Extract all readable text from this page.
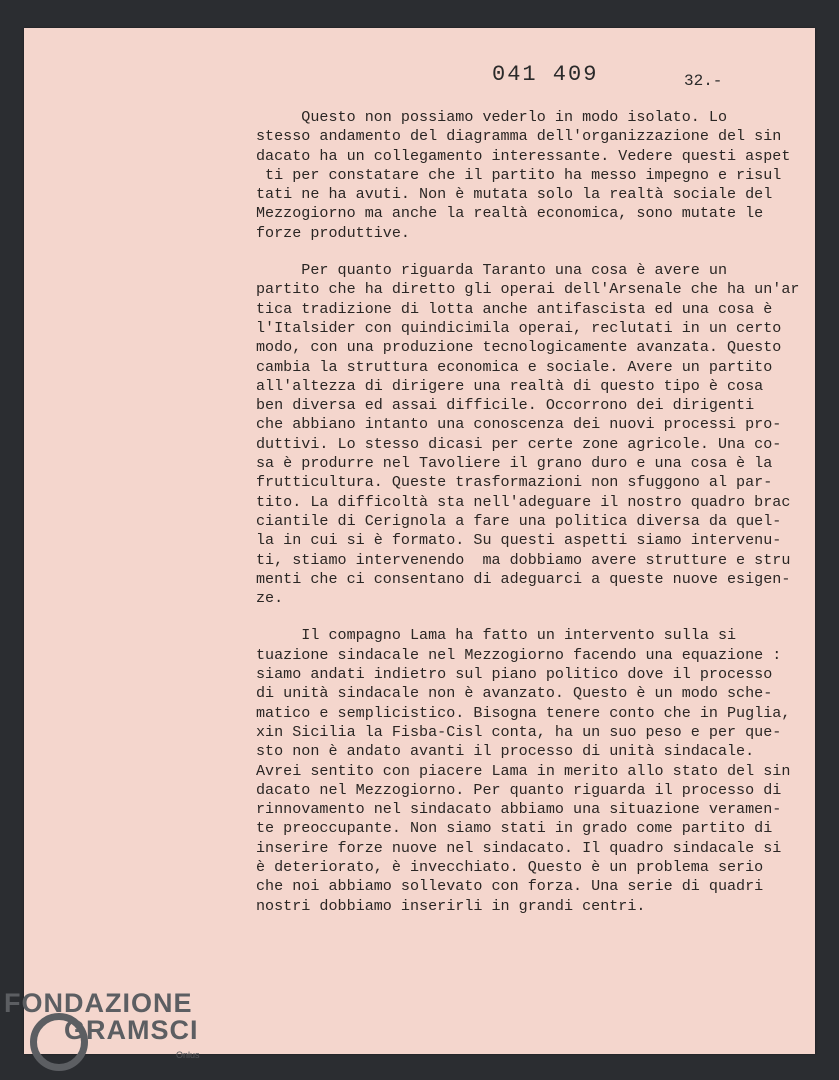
041 409	32.-
Questo non possiamo vederlo in modo isolato. Lo
stesso andamento del diagramma dell'organizzazione del sin
dacato ha un collegamento interessante. Vedere questi aspet
ti per constatare che il partito ha messo impegno e risul
tati ne ha avuti. Non è mutata solo la realtà sociale del
Mezzogiorno ma anche la realtà economica, sono mutate le
forze produttive.
Per quanto riguarda Taranto una cosa è avere un
partito che ha diretto gli operai dell'Arsenale che ha un'ar
tica tradizione di lotta anche antifascista ed una cosa è
l'Italsider con quindicimila operai, reclutati in un certo
modo, con una produzione tecnologicamente avanzata. Questo
cambia la struttura economica e sociale. Avere un partito
all'altezza di dirigere una realtà di questo tipo è cosa
ben diversa ed assai difficile. Occorrono dei dirigenti
che abbiano intanto una conoscenza dei nuovi processi pro-
duttivi. Lo stesso dicasi per certe zone agricole. Una co-
sa è produrre nel Tavoliere il grano duro e una cosa è la
frutticultura. Queste trasformazioni non sfuggono al par-
tito. La difficoltà sta nell'adeguare il nostro quadro brac
ciantile di Cerignola a fare una politica diversa da quel-
la in cui si è formato. Su questi aspetti siamo intervenu-
ti, stiamo intervenendo  ma dobbiamo avere strutture e stru
menti che ci consentano di adeguarci a queste nuove esigen-
ze.
Il compagno Lama ha fatto un intervento sulla si
tuazione sindacale nel Mezzogiorno facendo una equazione :
siamo andati indietro sul piano politico dove il processo
di unità sindacale non è avanzato. Questo è un modo sche-
matico e semplicistico. Bisogna tenere conto che in Puglia,
xin Sicilia la Fisba-Cisl conta, ha un suo peso e per que-
sto non è andato avanti il processo di unità sindacale.
Avrei sentito con piacere Lama in merito allo stato del sin
dacato nel Mezzogiorno. Per quanto riguarda il processo di
rinnovamento nel sindacato abbiamo una situazione veramen-
te preoccupante. Non siamo stati in grado come partito di
inserire forze nuove nel sindacato. Il quadro sindacale si
è deteriorato, è invecchiato. Questo è un problema serio
che noi abbiamo sollevato con forza. Una serie di quadri
nostri dobbiamo inserirli in grandi centri.
FONDAZIONE
GRAMSCI
Onlus
